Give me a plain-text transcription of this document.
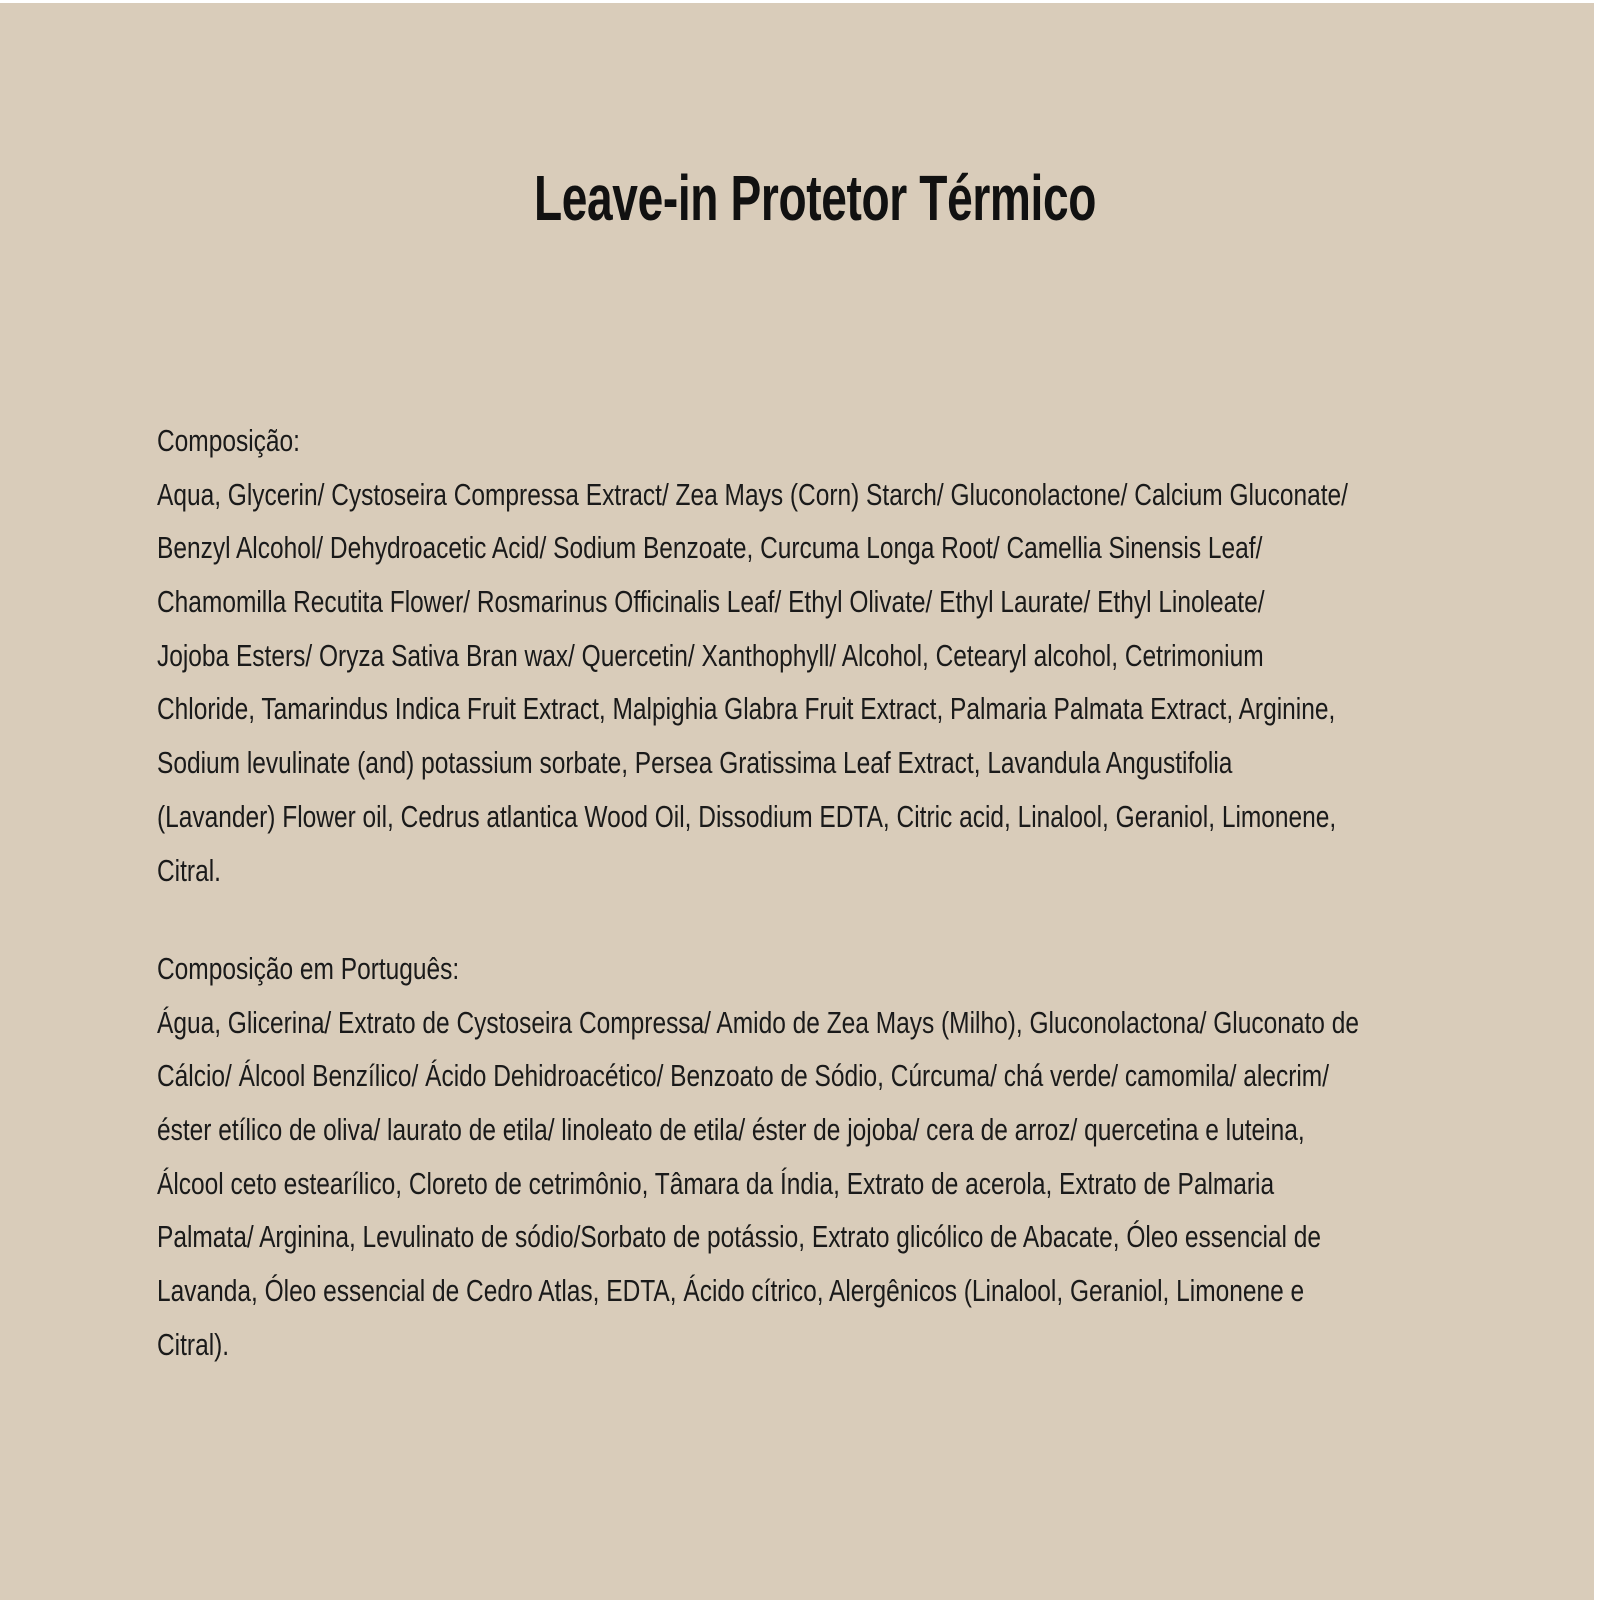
Leave-in Protetor Térmico
Composição:
Aqua, Glycerin/ Cystoseira Compressa Extract/ Zea Mays (Corn) Starch/ Gluconolactone/ Calcium Gluconate/
Benzyl Alcohol/ Dehydroacetic Acid/ Sodium Benzoate, Curcuma Longa Root/ Camellia Sinensis Leaf/
Chamomilla Recutita Flower/ Rosmarinus Officinalis Leaf/ Ethyl Olivate/ Ethyl Laurate/ Ethyl Linoleate/
Jojoba Esters/ Oryza Sativa Bran wax/ Quercetin/ Xanthophyll/ Alcohol, Cetearyl alcohol, Cetrimonium
Chloride, Tamarindus Indica Fruit Extract, Malpighia Glabra Fruit Extract, Palmaria Palmata Extract, Arginine,
Sodium levulinate (and) potassium sorbate, Persea Gratissima Leaf Extract, Lavandula Angustifolia
(Lavander) Flower oil, Cedrus atlantica Wood Oil, Dissodium EDTA, Citric acid, Linalool, Geraniol, Limonene,
Citral.
Composição em Português:
Água, Glicerina/ Extrato de Cystoseira Compressa/ Amido de Zea Mays (Milho), Gluconolactona/ Gluconato de
Cálcio/ Álcool Benzílico/ Ácido Dehidroacético/ Benzoato de Sódio, Cúrcuma/ chá verde/ camomila/ alecrim/
éster etílico de oliva/ laurato de etila/ linoleato de etila/ éster de jojoba/ cera de arroz/ quercetina e luteina,
Álcool ceto estearílico, Cloreto de cetrimônio, Tâmara da Índia, Extrato de acerola, Extrato de Palmaria
Palmata/ Arginina, Levulinato de sódio/Sorbato de potássio, Extrato glicólico de Abacate, Óleo essencial de
Lavanda, Óleo essencial de Cedro Atlas, EDTA, Ácido cítrico, Alergênicos (Linalool, Geraniol, Limonene e
Citral).
